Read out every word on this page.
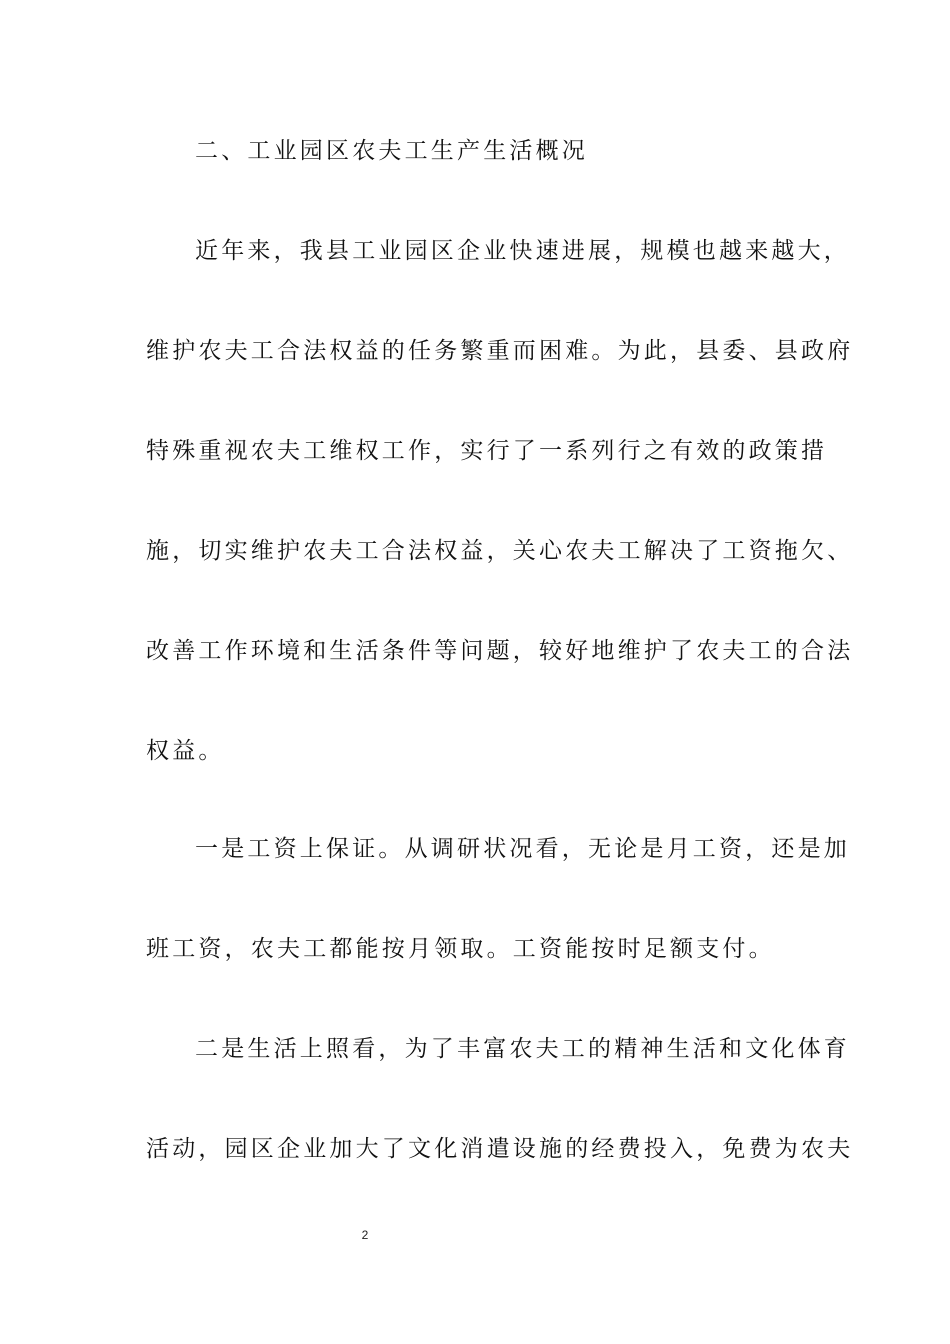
二、工业园区农夫工生产生活概况
近年来，我县工业园区企业快速进展，规模也越来越大，
维护农夫工合法权益的任务繁重而困难。为此，县委、县政府
特殊重视农夫工维权工作，实行了一系列行之有效的政策措
施，切实维护农夫工合法权益，关心农夫工解决了工资拖欠、
改善工作环境和生活条件等问题，较好地维护了农夫工的合法
权益。
一是工资上保证。从调研状况看，无论是月工资，还是加
班工资，农夫工都能按月领取。工资能按时足额支付。
二是生活上照看，为了丰富农夫工的精神生活和文化体育
活动，园区企业加大了文化消遣设施的经费投入，免费为农夫
2
